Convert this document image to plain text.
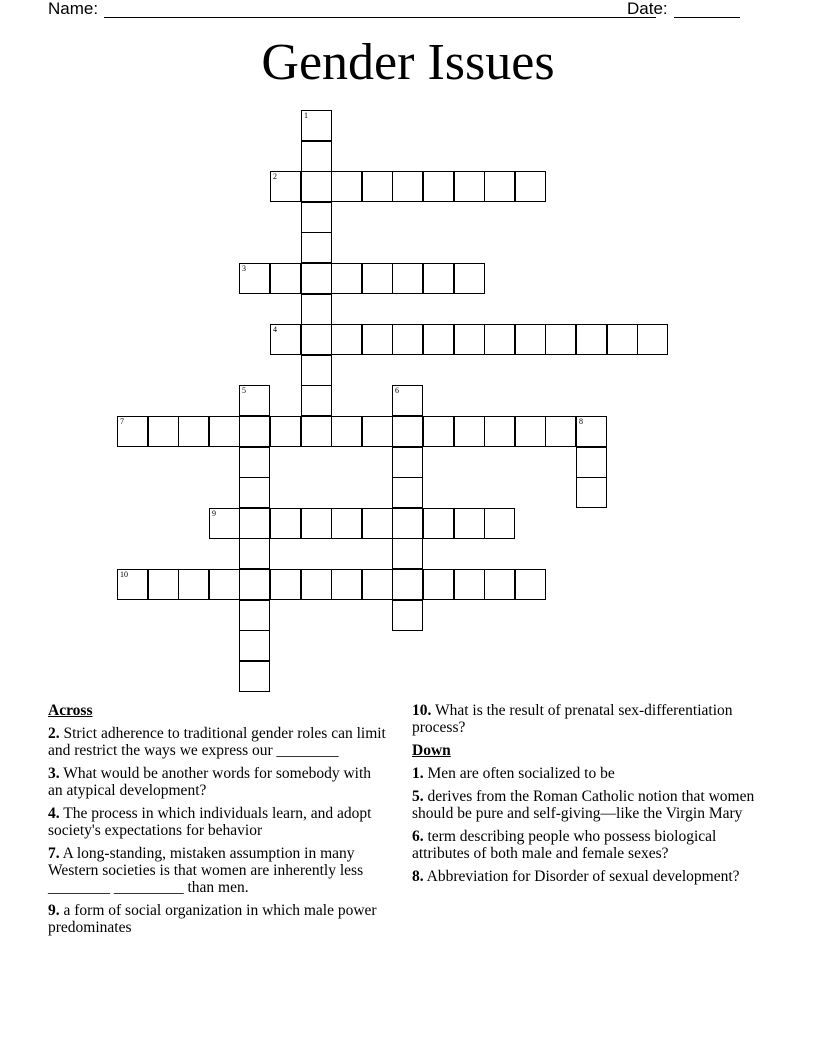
Name:	Date:
Gender Issues
1
2
3
4
5	6
7	8
9
10
Across
2. Strict adherence to traditional gender roles can limit and restrict the ways we express our ________
3. What would be another words for somebody with an atypical development?
4. The process in which individuals learn, and adopt society's expectations for behavior
7. A long-standing, mistaken assumption in many Western societies is that women are inherently less ________ _________ than men.
9. a form of social organization in which male power predominates
10. What is the result of prenatal sex-differentiation process?
Down
1. Men are often socialized to be
5. derives from the Roman Catholic notion that women should be pure and self-giving—like the Virgin Mary
6. term describing people who possess biological attributes of both male and female sexes?
8. Abbreviation for Disorder of sexual development?
